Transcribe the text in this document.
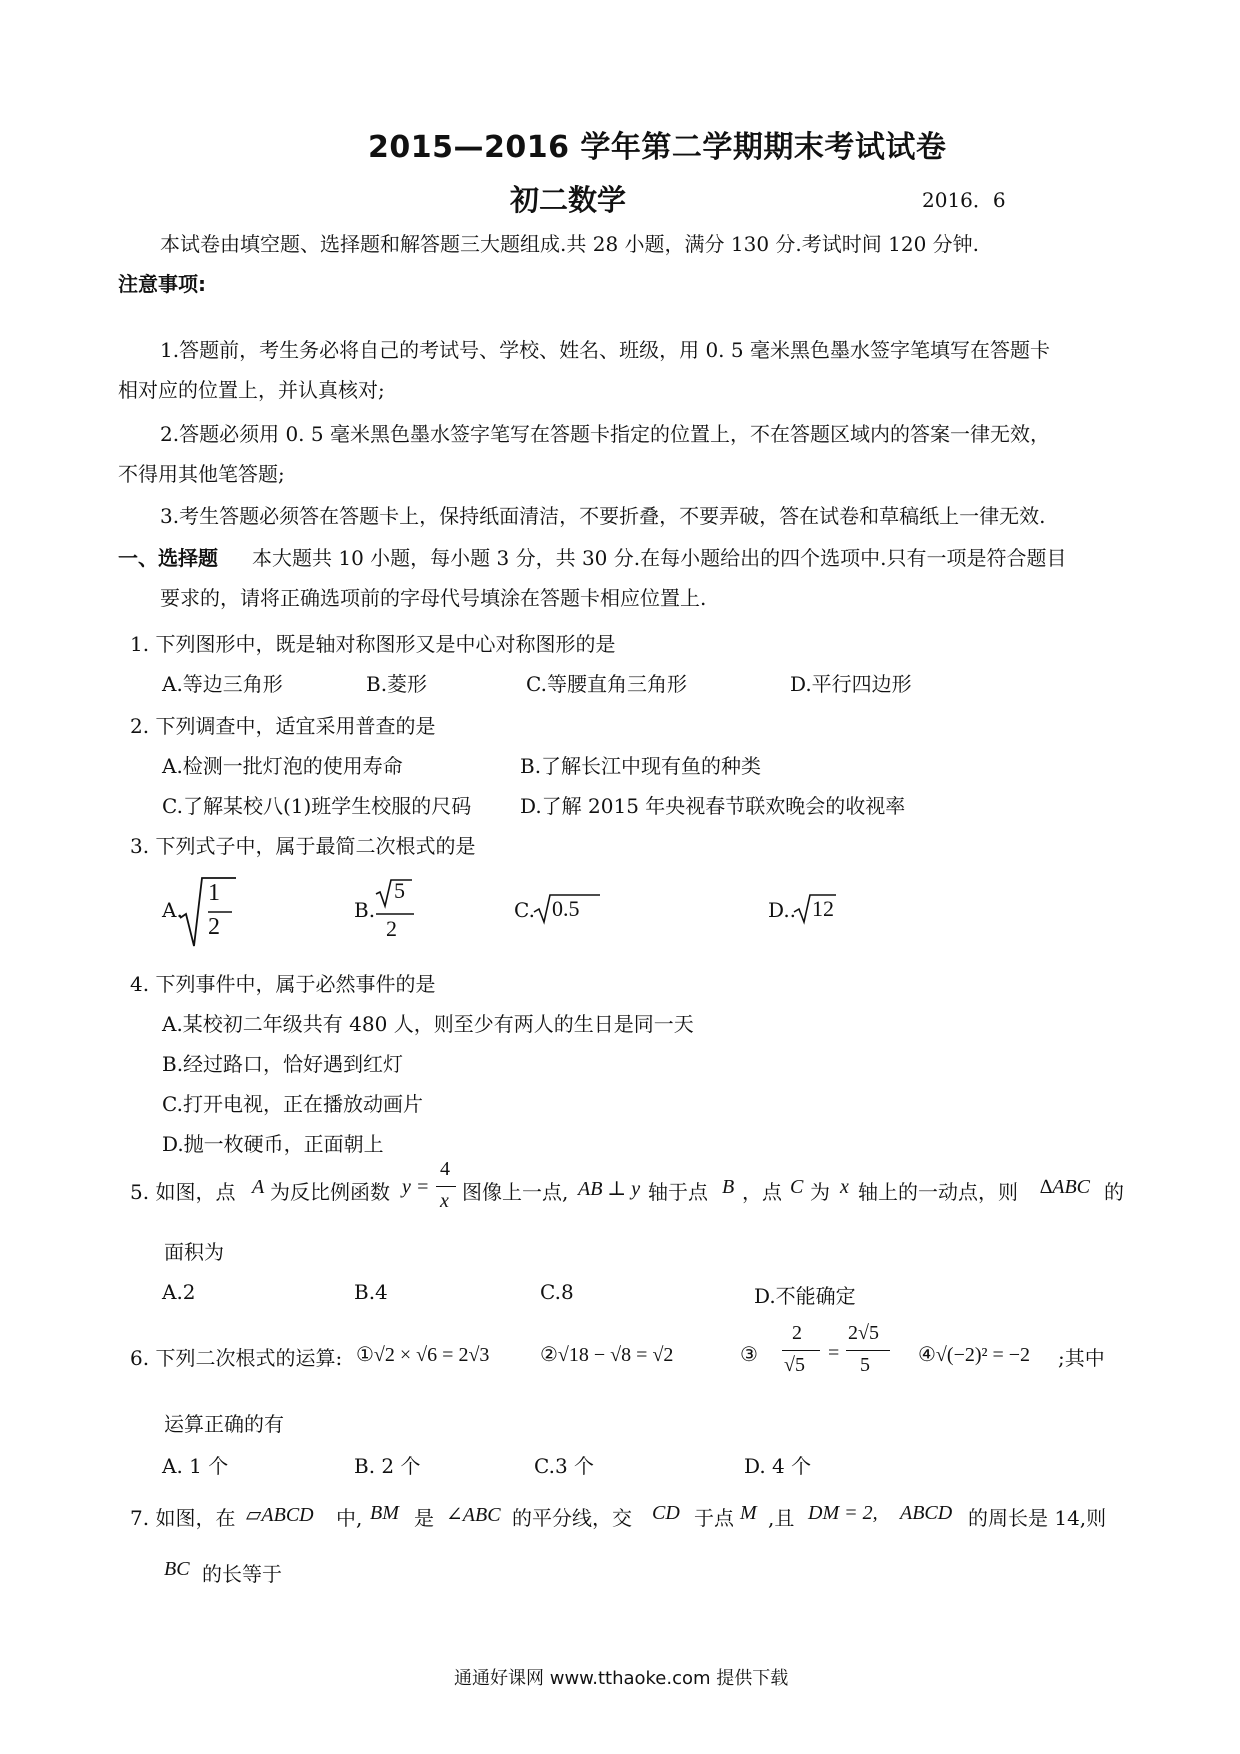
2015—2016 学年第二学期期末考试试卷
初二数学	2016．6
本试卷由填空题、选择题和解答题三大题组成.共 28 小题，满分 130 分.考试时间 120 分钟.
注意事项:
1.答题前，考生务必将自己的考试号、学校、姓名、班级，用 0. 5 毫米黑色墨水签字笔填写在答题卡
相对应的位置上，并认真核对;
2.答题必须用 0. 5 毫米黑色墨水签字笔写在答题卡指定的位置上，不在答题区域内的答案一律无效，
不得用其他笔答题;
3.考生答题必须答在答题卡上，保持纸面清洁，不要折叠，不要弄破，答在试卷和草稿纸上一律无效.
一、选择题 本大题共 10 小题，每小题 3 分，共 30 分.在每小题给出的四个选项中.只有一项是符合题目
要求的，请将正确选项前的字母代号填涂在答题卡相应位置上.
1. 下列图形中，既是轴对称图形又是中心对称图形的是
A.等边三角形	B.菱形	C.等腰直角三角形	D.平行四边形
2. 下列调查中，适宜采用普查的是
A.检测一批灯泡的使用寿命	B.了解长江中现有鱼的种类
C.了解某校八(1)班学生校服的尺码 D.了解 2015 年央视春节联欢晚会的收视率
3. 下列式子中，属于最简二次根式的是
A.
1
2
B.
5
2
C. 0.5	D.. 12
4. 下列事件中，属于必然事件的是
A.某校初二年级共有 480 人，则至少有两人的生日是同一天
B.经过路口，恰好遇到红灯
C.打开电视，正在播放动画片
D.抛一枚硬币，正面朝上
5. 如图，点 A 为反比例函数 y =
4
x 图像上一点, AB ⊥ y 轴于点 B ，点 C 为 x 轴上的一动点，则 ∆ABC 的
面积为
A.2	B.4	C.8	D.不能确定
6. 下列二次根式的运算: ①√2 × √6 = 2√3	②√18 − √8 = √2	③
2
√5
=
2√5
5 ④√(−2)² = −2 ;其中
运算正确的有
A. 1 个	B. 2 个	C.3 个	D. 4 个
7. 如图，在 ▱ABCD 中, BM 是 ∠ABC 的平分线，交 CD 于点 M ,且 DM = 2, ABCD 的周长是 14,则
BC 的长等于
通通好课网 www.tthaoke.com 提供下载
